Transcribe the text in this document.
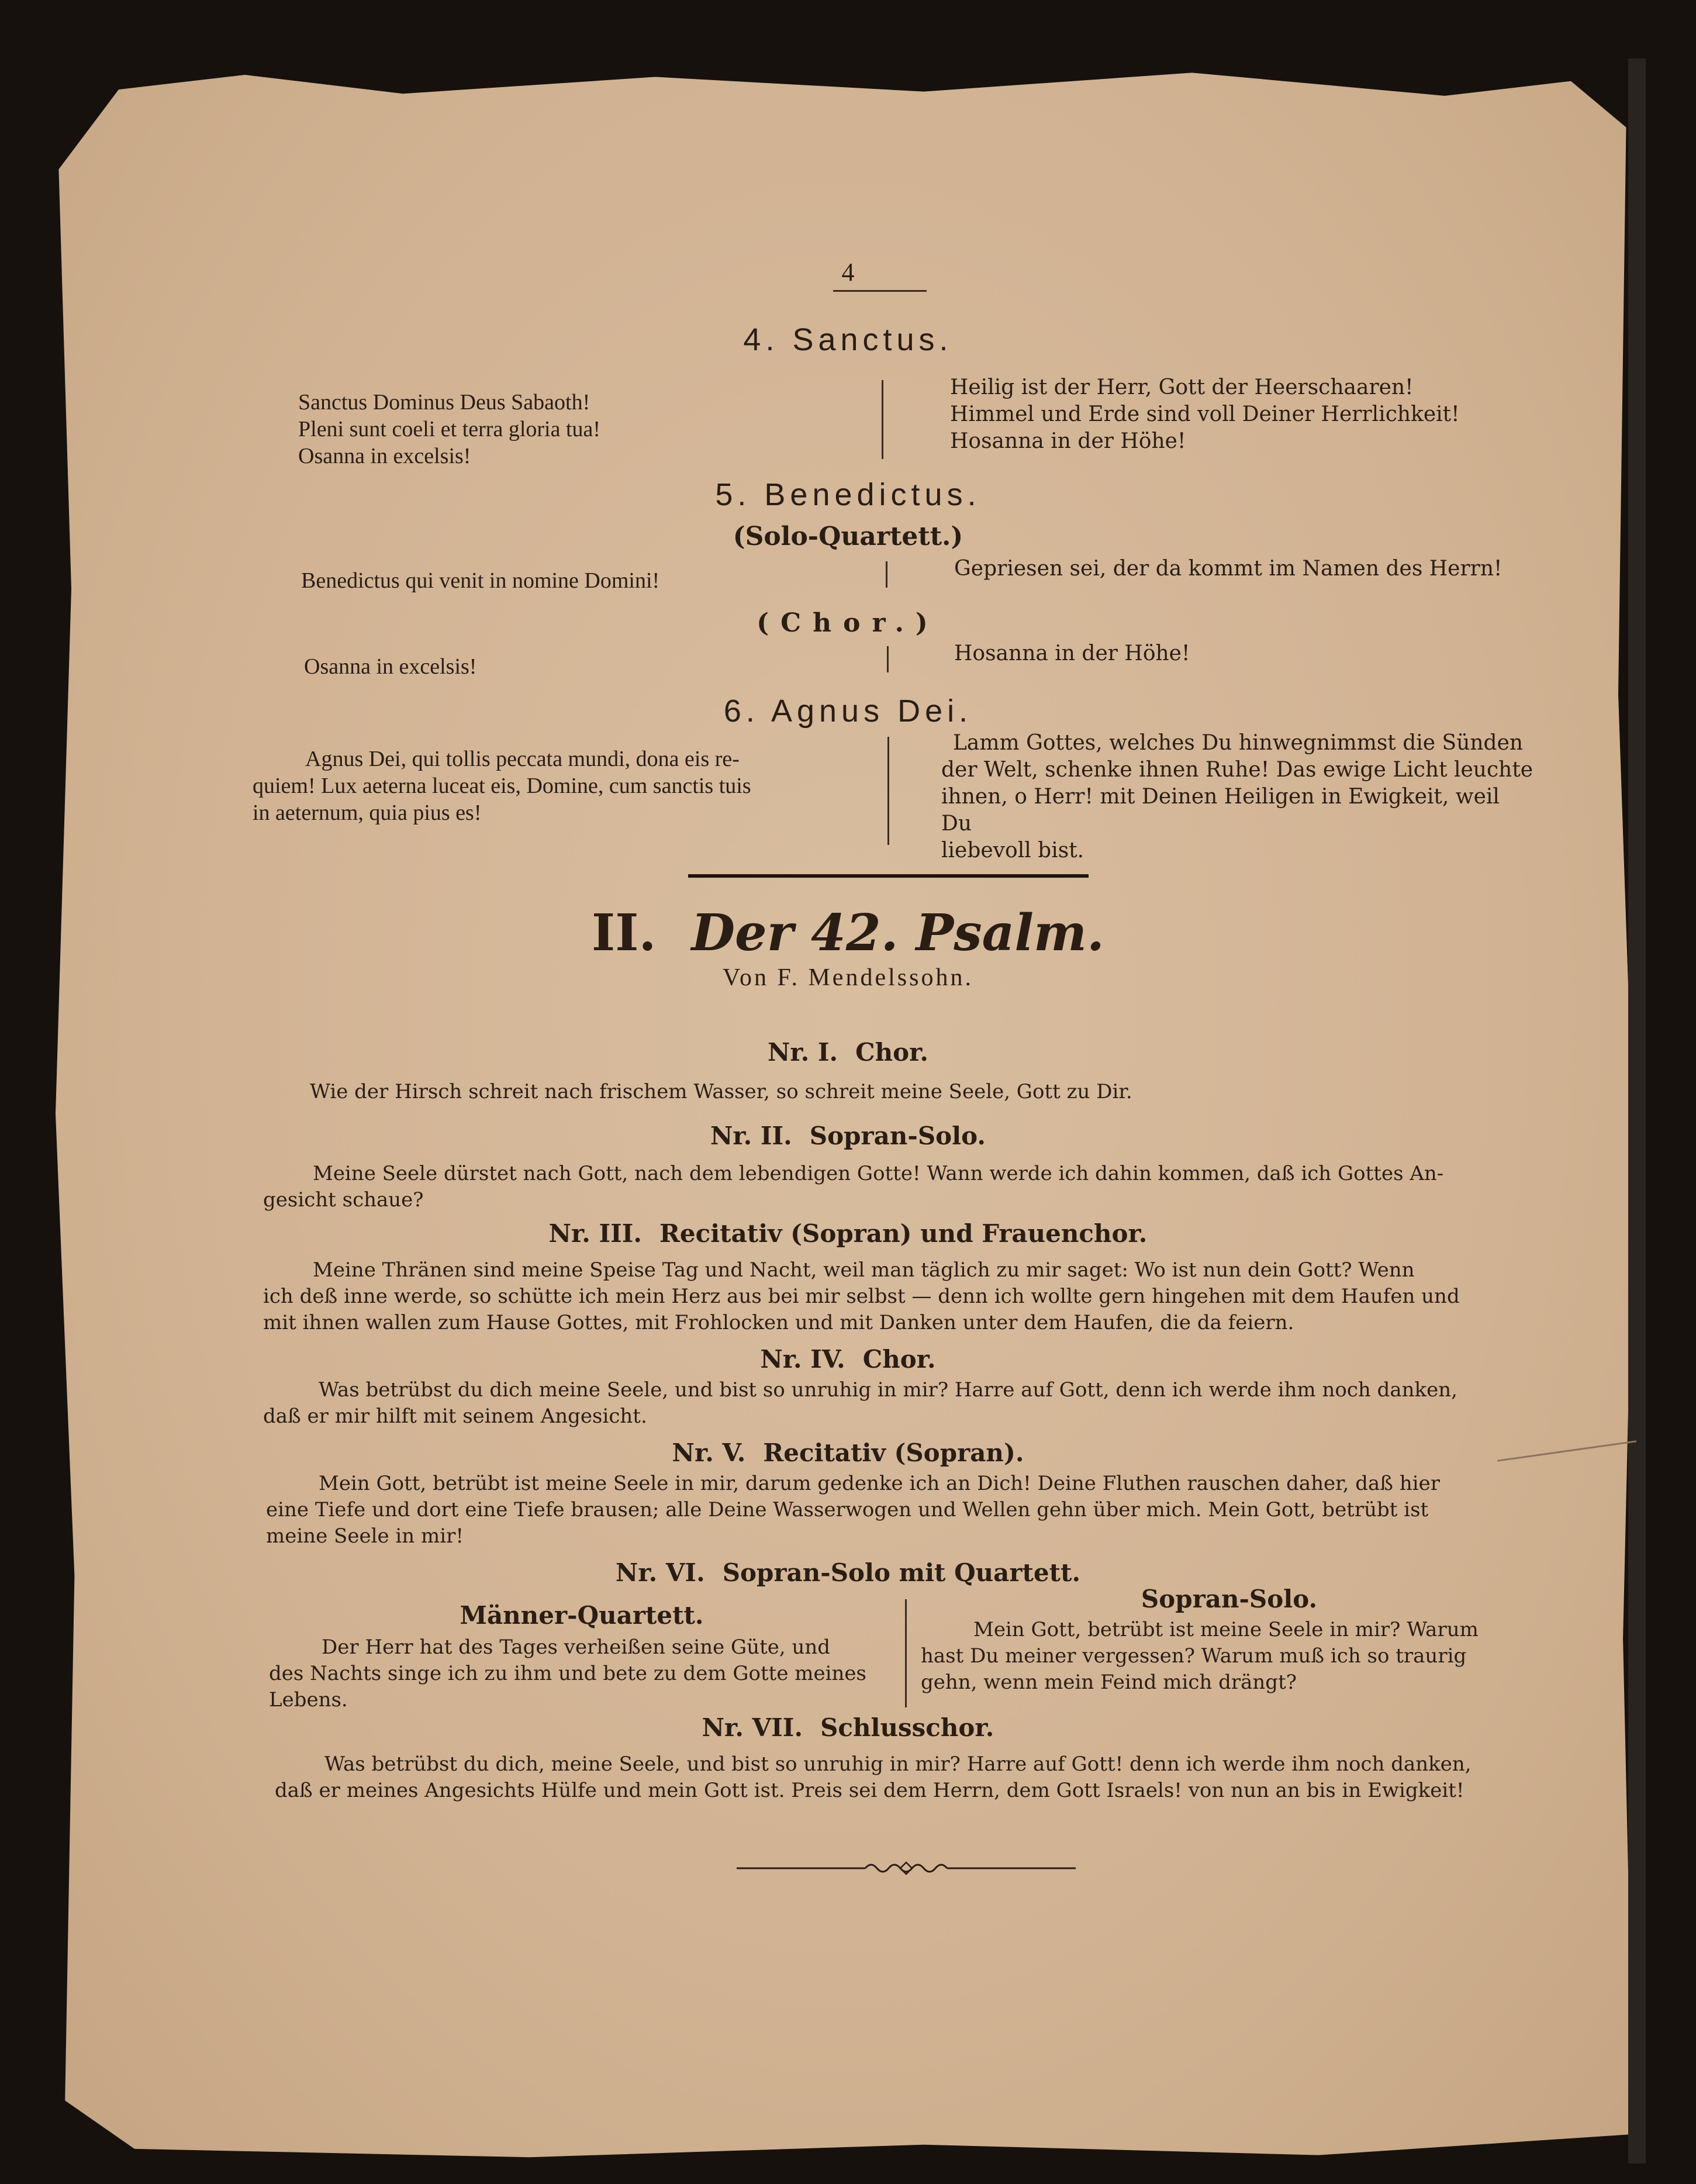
4
4. Sanctus.
Sanctus Dominus Deus Sabaoth!
Pleni sunt coeli et terra gloria tua!
Osanna in excelsis!
Heilig ist der Herr, Gott der Heerschaaren!
Himmel und Erde sind voll Deiner Herrlichkeit!
Hosanna in der Höhe!
5. Benedictus.
(Solo-Quartett.)
Benedictus qui venit in nomine Domini!	Gepriesen sei, der da kommt im Namen des Herrn!
(Chor.)
Osanna in excelsis!
Hosanna in der Höhe!
6. Agnus Dei.
Agnus Dei, qui tollis peccata mundi, dona eis re-
quiem! Lux aeterna luceat eis, Domine, cum sanctis tuis
in aeternum, quia pius es!
Lamm Gottes, welches Du hinwegnimmst die Sünden
der Welt, schenke ihnen Ruhe! Das ewige Licht leuchte
ihnen, o Herr! mit Deinen Heiligen in Ewigkeit, weil Du
liebevoll bist.
II. Der 42. Psalm.
Von F. Mendelssohn.
Nr. I. Chor.
Wie der Hirsch schreit nach frischem Wasser, so schreit meine Seele, Gott zu Dir.
Nr. II. Sopran-Solo.
Meine Seele dürstet nach Gott, nach dem lebendigen Gotte! Wann werde ich dahin kommen, daß ich Gottes An-
gesicht schaue?
Nr. III. Recitativ (Sopran) und Frauenchor.
Meine Thränen sind meine Speise Tag und Nacht, weil man täglich zu mir saget: Wo ist nun dein Gott? Wenn
ich deß inne werde, so schütte ich mein Herz aus bei mir selbst — denn ich wollte gern hingehen mit dem Haufen und
mit ihnen wallen zum Hause Gottes, mit Frohlocken und mit Danken unter dem Haufen, die da feiern.
Nr. IV. Chor.
Was betrübst du dich meine Seele, und bist so unruhig in mir? Harre auf Gott, denn ich werde ihm noch danken,
daß er mir hilft mit seinem Angesicht.
Nr. V. Recitativ (Sopran).
Mein Gott, betrübt ist meine Seele in mir, darum gedenke ich an Dich! Deine Fluthen rauschen daher, daß hier
eine Tiefe und dort eine Tiefe brausen; alle Deine Wasserwogen und Wellen gehn über mich. Mein Gott, betrübt ist
meine Seele in mir!
Nr. VI. Sopran-Solo mit Quartett.
Männer-Quartett.
Der Herr hat des Tages verheißen seine Güte, und
des Nachts singe ich zu ihm und bete zu dem Gotte meines
Lebens.
Sopran-Solo.
Mein Gott, betrübt ist meine Seele in mir? Warum
hast Du meiner vergessen? Warum muß ich so traurig
gehn, wenn mein Feind mich drängt?
Nr. VII. Schlusschor.
Was betrübst du dich, meine Seele, und bist so unruhig in mir? Harre auf Gott! denn ich werde ihm noch danken,
daß er meines Angesichts Hülfe und mein Gott ist. Preis sei dem Herrn, dem Gott Israels! von nun an bis in Ewigkeit!
